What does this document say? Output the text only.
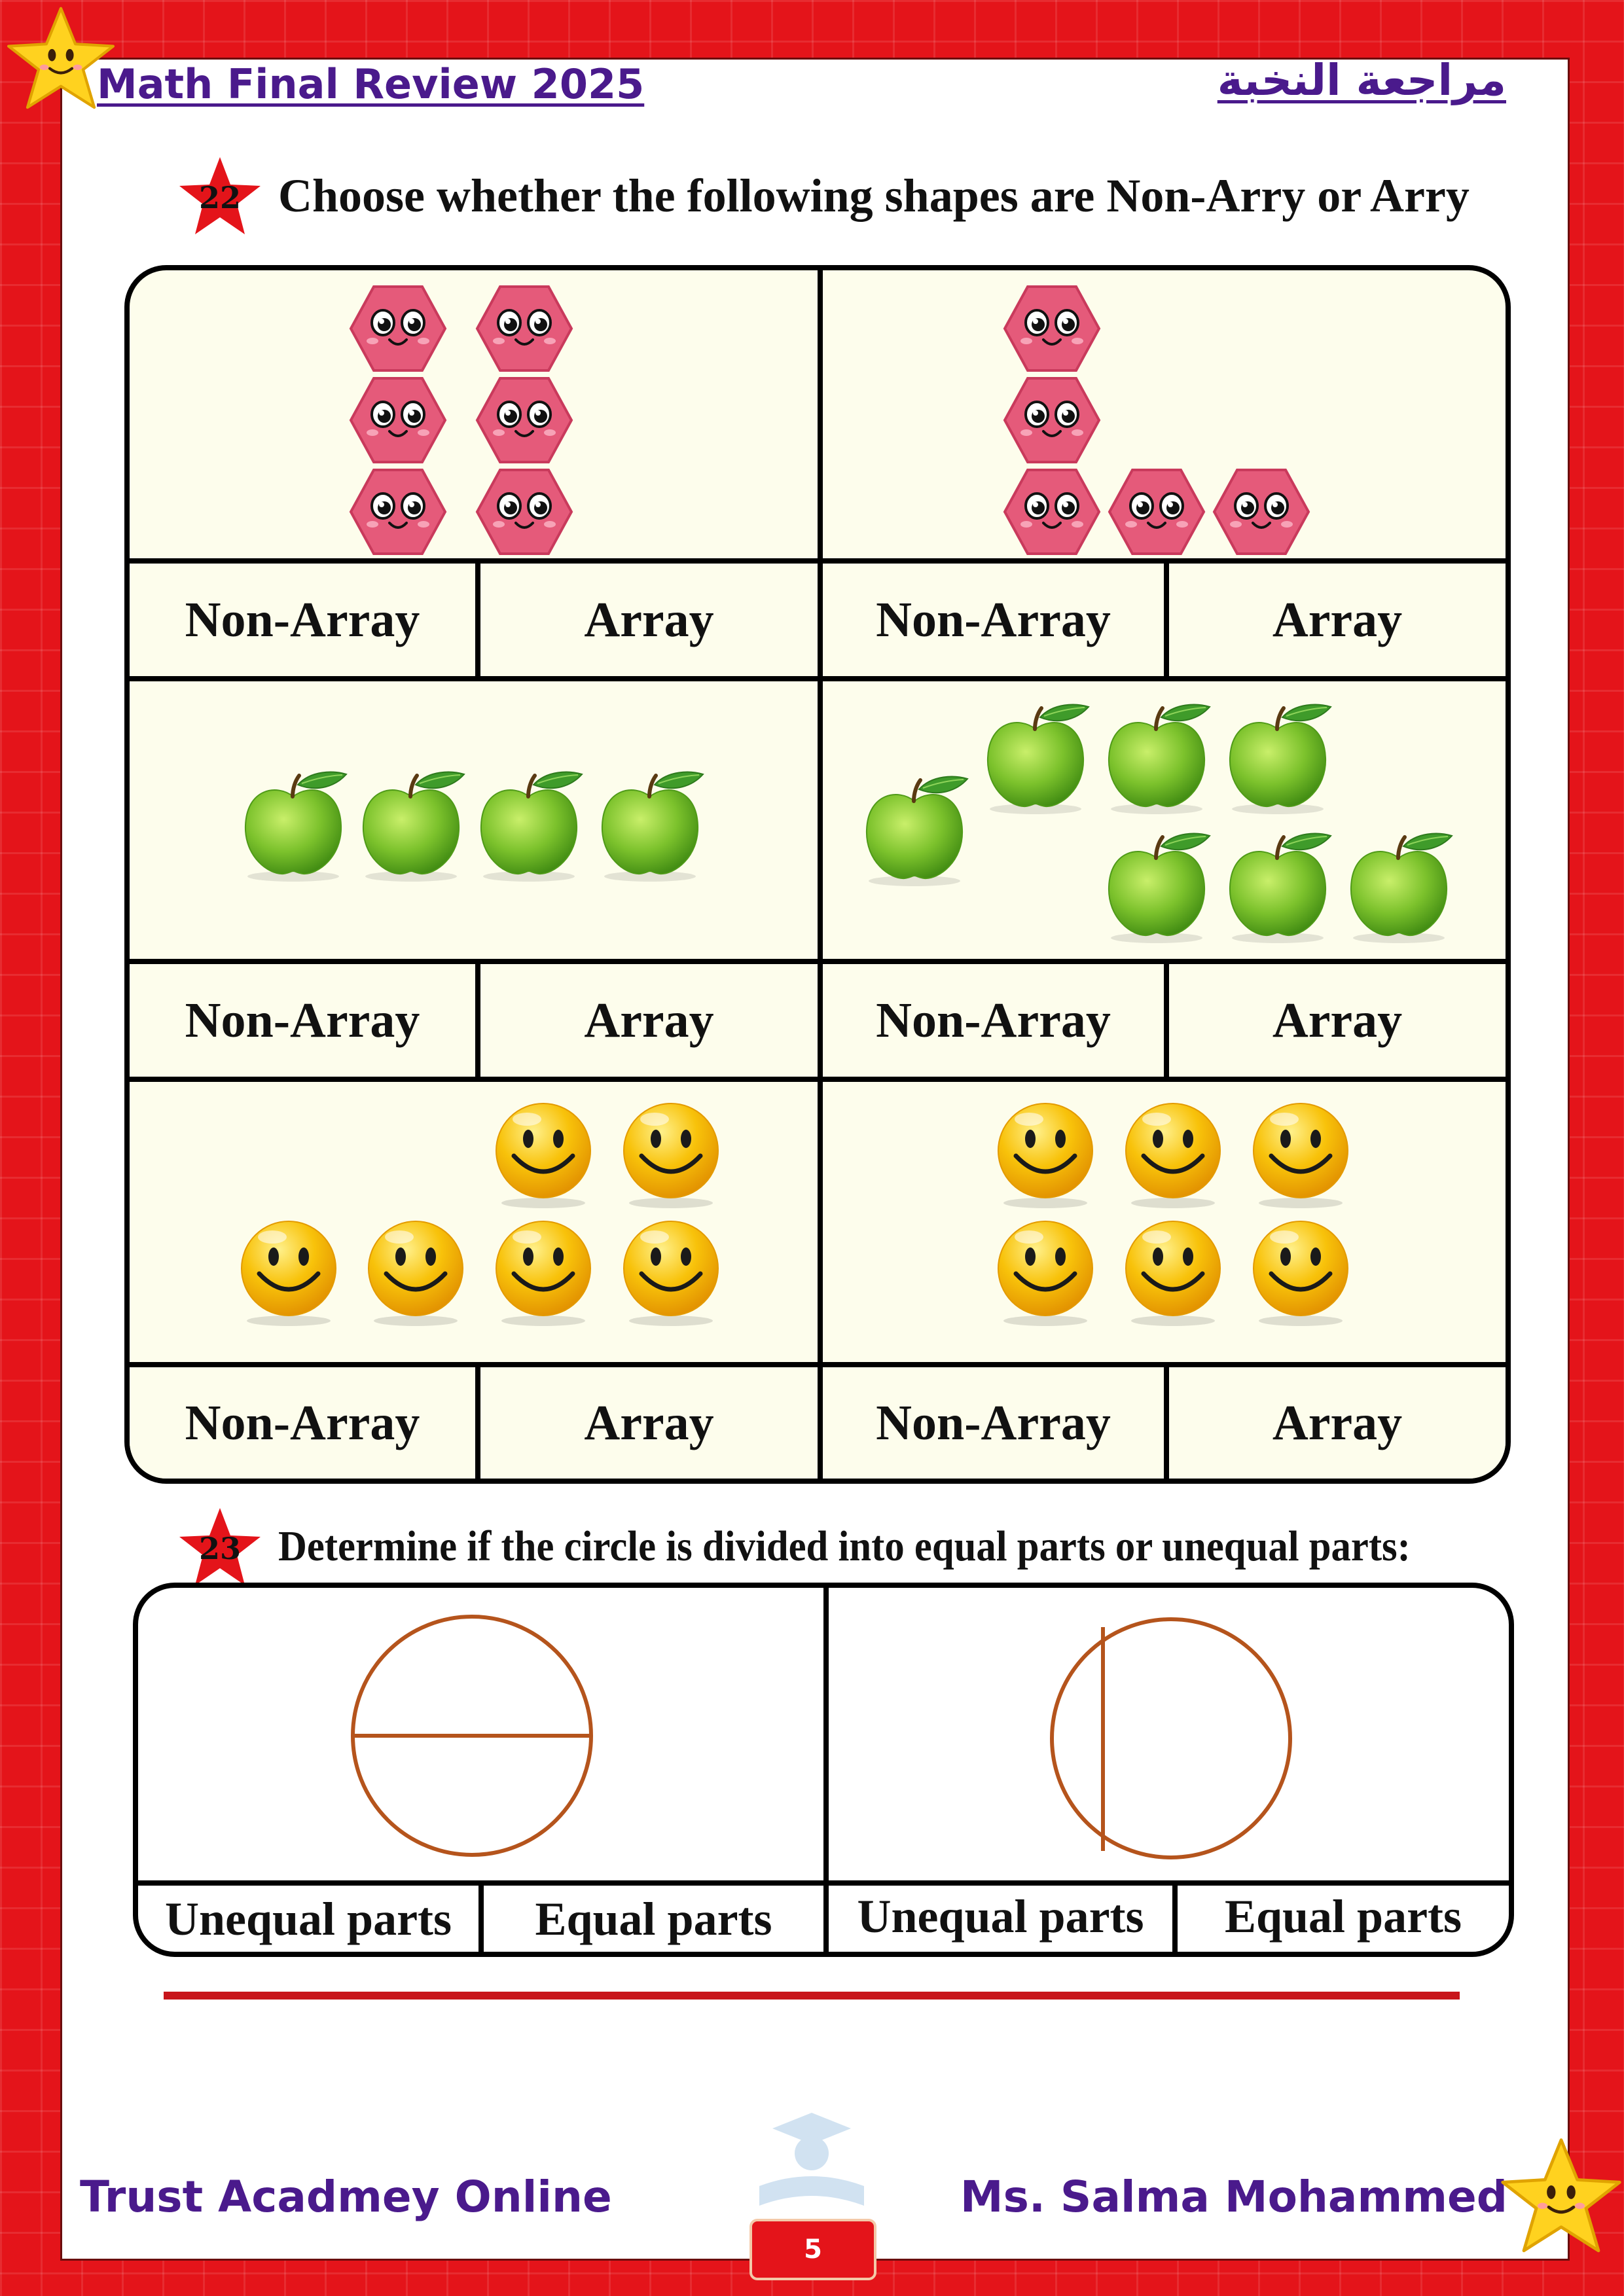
Math Final Review 2025	مراجعة النخبة
22 Choose whether the following shapes are Non-Arry or Arry
Non-Array	Array	Non-Array	Array
Non-Array	Array	Non-Array	Array
Non-Array	Array	Non-Array	Array
23 Determine if the circle is divided into equal parts or unequal parts:
Unequal parts	Equal parts	Unequal parts	Equal parts
Trust Acadmey Online	Ms. Salma Mohammed
5
